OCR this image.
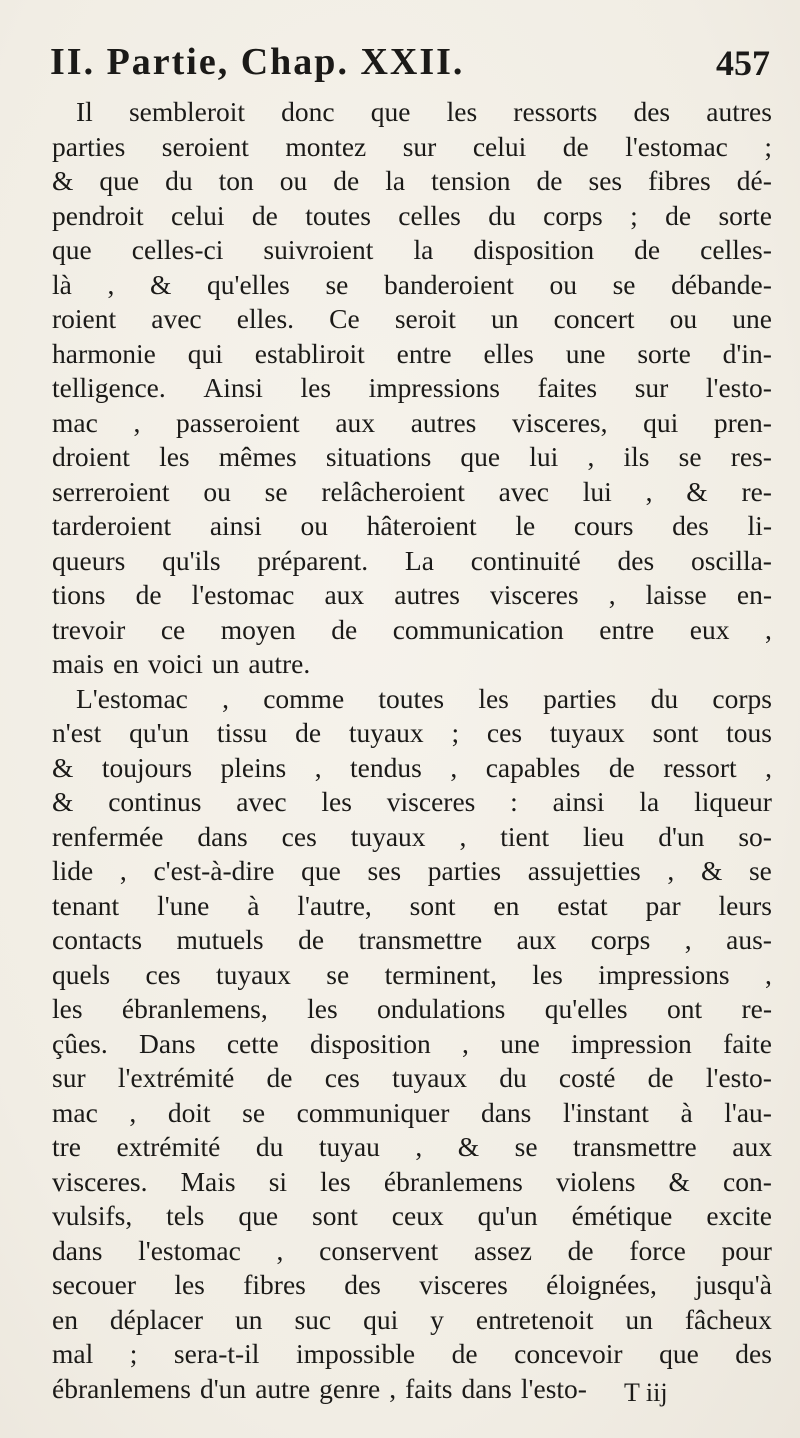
II. Partie, Chap. XXII.	457
Il sembleroit donc que les ressorts des autres
parties seroient montez sur celui de l'estomac ;
& que du ton ou de la tension de ses fibres dé-
pendroit celui de toutes celles du corps ; de sorte
que celles-ci suivroient la disposition de celles-
là , & qu'elles se banderoient ou se débande-
roient avec elles. Ce seroit un concert ou une
harmonie qui establiroit entre elles une sorte d'in-
telligence. Ainsi les impressions faites sur l'esto-
mac , passeroient aux autres visceres, qui pren-
droient les mêmes situations que lui , ils se res-
serreroient ou se relâcheroient avec lui , & re-
tarderoient ainsi ou hâteroient le cours des li-
queurs qu'ils préparent. La continuité des oscilla-
tions de l'estomac aux autres visceres , laisse en-
trevoir ce moyen de communication entre eux ,
mais en voici un autre.
L'estomac , comme toutes les parties du corps
n'est qu'un tissu de tuyaux ; ces tuyaux sont tous
& toujours pleins , tendus , capables de ressort ,
& continus avec les visceres : ainsi la liqueur
renfermée dans ces tuyaux , tient lieu d'un so-
lide , c'est-à-dire que ses parties assujetties , & se
tenant l'une à l'autre, sont en estat par leurs
contacts mutuels de transmettre aux corps , aus-
quels ces tuyaux se terminent, les impressions ,
les ébranlemens, les ondulations qu'elles ont re-
çûes. Dans cette disposition , une impression faite
sur l'extrémité de ces tuyaux du costé de l'esto-
mac , doit se communiquer dans l'instant à l'au-
tre extrémité du tuyau , & se transmettre aux
visceres. Mais si les ébranlemens violens & con-
vulsifs, tels que sont ceux qu'un émétique excite
dans l'estomac , conservent assez de force pour
secouer les fibres des visceres éloignées, jusqu'à
en déplacer un suc qui y entretenoit un fâcheux
mal ; sera-t-il impossible de concevoir que des
ébranlemens d'un autre genre , faits dans l'esto- T iij
